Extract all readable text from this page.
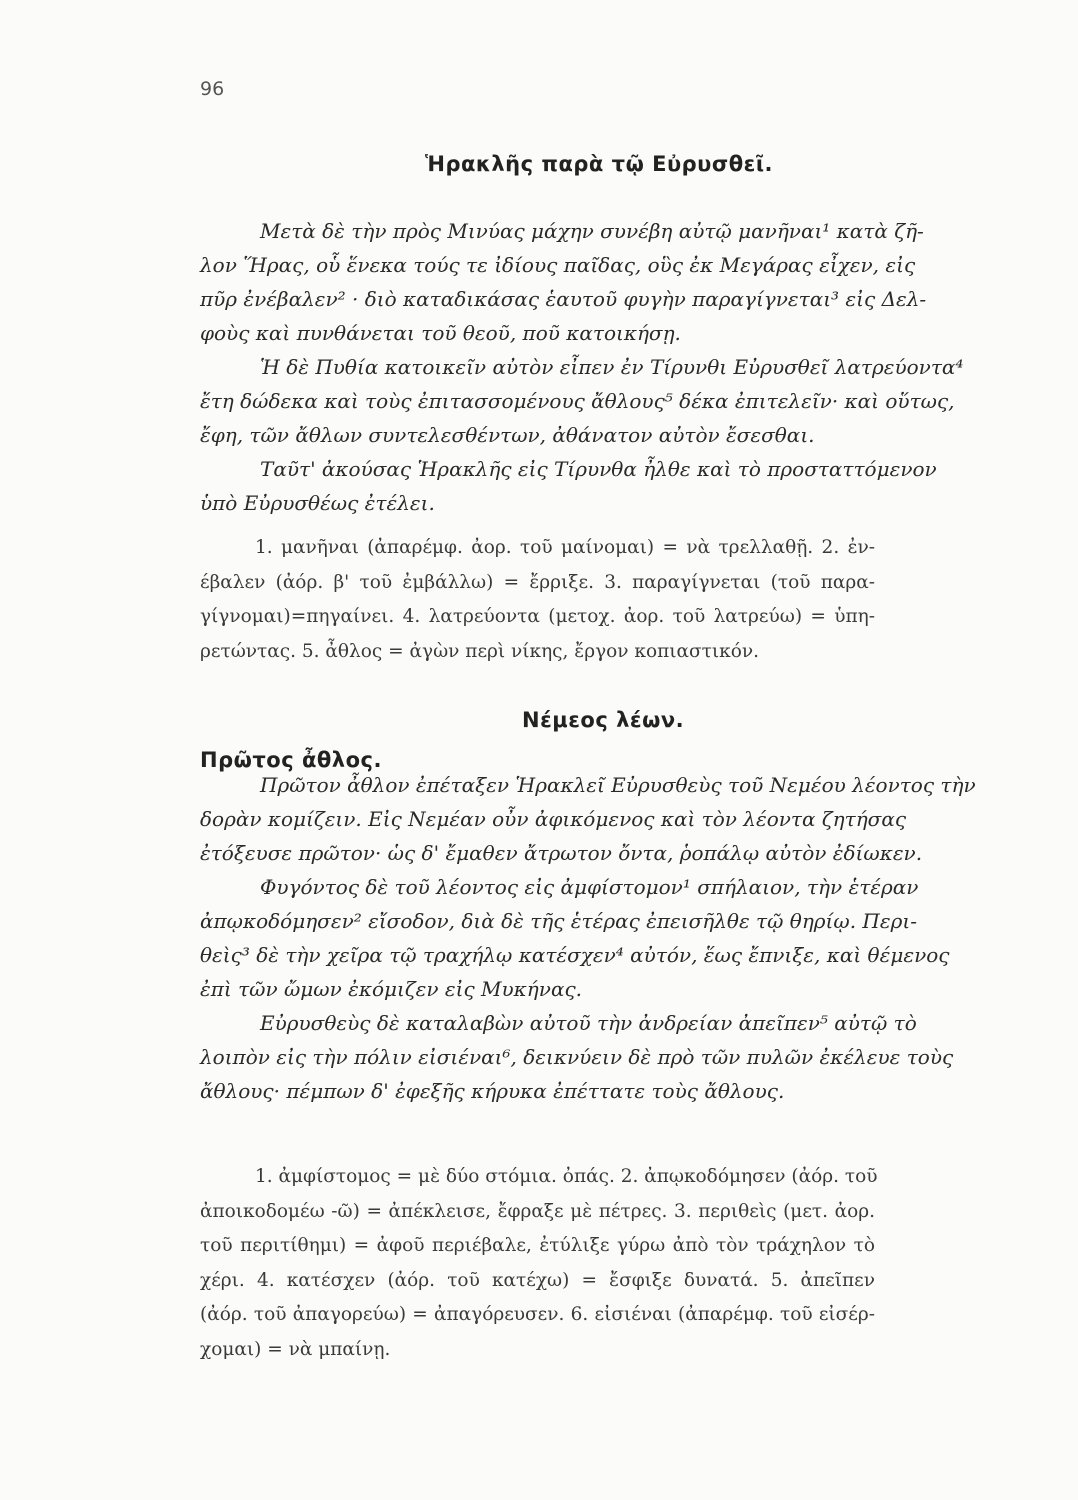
96
Ἡρακλῆς παρὰ τῷ Εὐρυσθεῖ.
Μετὰ δὲ τὴν πρὸς Μινύας μάχην συνέβη αὐτῷ μανῆναι¹ κατὰ ζῆ-
λον Ἥρας, οὗ ἕνεκα τούς τε ἰδίους παῖδας, οὓς ἐκ Μεγάρας εἶχεν, εἰς
πῦρ ἐνέβαλεν² · διὸ καταδικάσας ἑαυτοῦ φυγὴν παραγίγνεται³ εἰς Δελ-
φοὺς καὶ πυνθάνεται τοῦ θεοῦ, ποῦ κατοικήσῃ.
Ἡ δὲ Πυθία κατοικεῖν αὐτὸν εἶπεν ἐν Τίρυνθι Εὐρυσθεῖ λατρεύοντα⁴
ἔτη δώδεκα καὶ τοὺς ἐπιτασσομένους ἄθλους⁵ δέκα ἐπιτελεῖν· καὶ οὕτως,
ἔφη, τῶν ἄθλων συντελεσθέντων, ἀθάνατον αὐτὸν ἔσεσθαι.
Ταῦτ' ἀκούσας Ἡρακλῆς εἰς Τίρυνθα ἦλθε καὶ τὸ προσταττόμενον
ὑπὸ Εὐρυσθέως ἐτέλει.
1. μανῆναι (ἀπαρέμφ. ἀορ. τοῦ μαίνομαι) = νὰ τρελλαθῇ. 2. ἐν-
έβαλεν (ἀόρ. β' τοῦ ἐμβάλλω) = ἔρριξε. 3. παραγίγνεται (τοῦ παρα-
γίγνομαι)=πηγαίνει. 4. λατρεύοντα (μετοχ. ἀορ. τοῦ λατρεύω) = ὑπη-
ρετώντας. 5. ἆθλος = ἀγὼν περὶ νίκης, ἔργον κοπιαστικόν.
Νέμεος λέων.
Πρῶτος ἆθλος.
Πρῶτον ἆθλον ἐπέταξεν Ἡρακλεῖ Εὐρυσθεὺς τοῦ Νεμέου λέοντος τὴν
δορὰν κομίζειν. Εἰς Νεμέαν οὖν ἀφικόμενος καὶ τὸν λέοντα ζητήσας
ἐτόξευσε πρῶτον· ὡς δ' ἔμαθεν ἄτρωτον ὄντα, ῥοπάλῳ αὐτὸν ἐδίωκεν.
Φυγόντος δὲ τοῦ λέοντος εἰς ἀμφίστομον¹ σπήλαιον, τὴν ἑτέραν
ἀπῳκοδόμησεν² εἴσοδον, διὰ δὲ τῆς ἑτέρας ἐπεισῆλθε τῷ θηρίῳ. Περι-
θεὶς³ δὲ τὴν χεῖρα τῷ τραχήλῳ κατέσχεν⁴ αὐτόν, ἕως ἔπνιξε, καὶ θέμενος
ἐπὶ τῶν ὤμων ἐκόμιζεν εἰς Μυκήνας.
Εὐρυσθεὺς δὲ καταλαβὼν αὐτοῦ τὴν ἀνδρείαν ἀπεῖπεν⁵ αὐτῷ τὸ
λοιπὸν εἰς τὴν πόλιν εἰσιέναι⁶, δεικνύειν δὲ πρὸ τῶν πυλῶν ἐκέλευε τοὺς
ἄθλους· πέμπων δ' ἐφεξῆς κήρυκα ἐπέττατε τοὺς ἄθλους.
1. ἀμφίστομος = μὲ δύο στόμια. ὀπάς. 2. ἀπῳκοδόμησεν (ἀόρ. τοῦ
ἀποικοδομέω -ῶ) = ἀπέκλεισε, ἔφραξε μὲ πέτρες. 3. περιθεὶς (μετ. ἀορ.
τοῦ περιτίθημι) = ἀφοῦ περιέβαλε, ἐτύλιξε γύρω ἀπὸ τὸν τράχηλον τὸ
χέρι. 4. κατέσχεν (ἀόρ. τοῦ κατέχω) = ἔσφιξε δυνατά. 5. ἀπεῖπεν
(ἀόρ. τοῦ ἀπαγορεύω) = ἀπαγόρευσεν. 6. εἰσιέναι (ἀπαρέμφ. τοῦ εἰσέρ-
χομαι) = νὰ μπαίνῃ.
